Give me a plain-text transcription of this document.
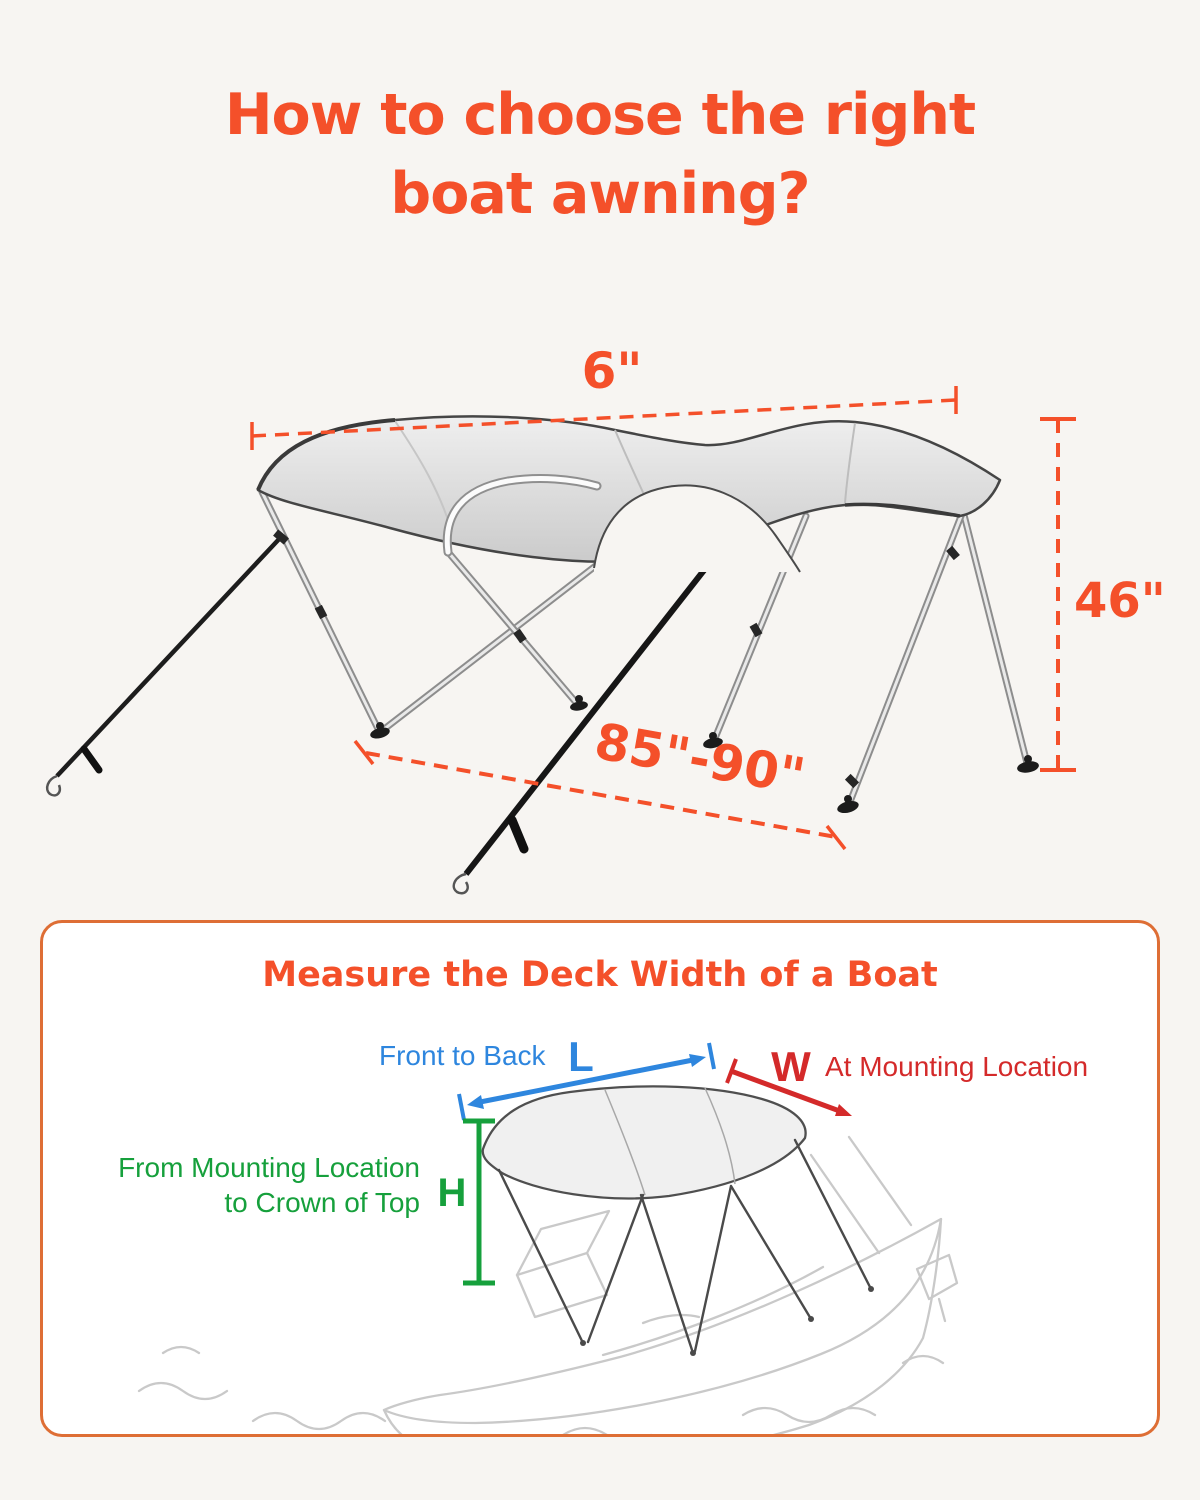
How to choose the right
boat awning?
6"
46"
85"-90"
Measure the Deck Width of a Boat
Front to Back L	W At Mounting Location
H
From Mounting Location
to Crown of Top
